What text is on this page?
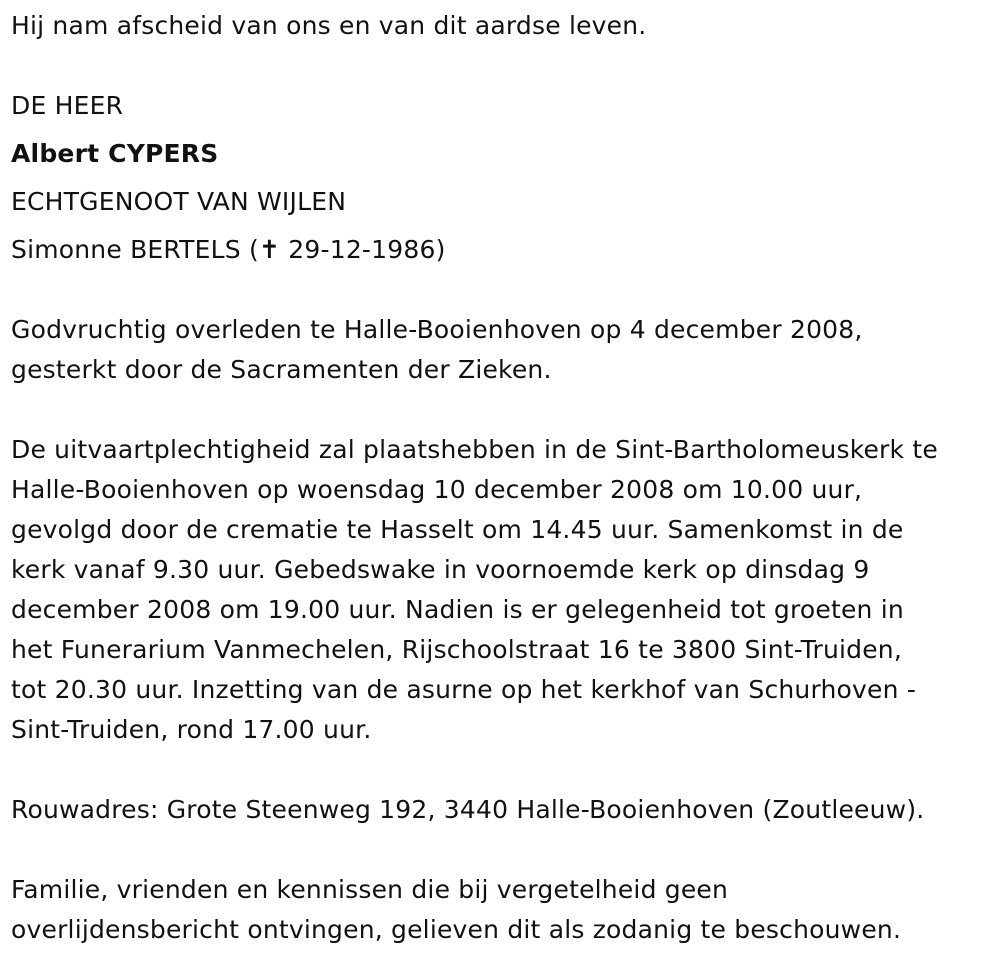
Hij nam afscheid van ons en van dit aardse leven.
DE HEER
Albert CYPERS
ECHTGENOOT VAN WIJLEN
Simonne BERTELS (✝ 29-12-1986)
Godvruchtig overleden te Halle-Booienhoven op 4 december 2008,
gesterkt door de Sacramenten der Zieken.
De uitvaartplechtigheid zal plaatshebben in de Sint-Bartholomeuskerk te
Halle-Booienhoven op woensdag 10 december 2008 om 10.00 uur,
gevolgd door de crematie te Hasselt om 14.45 uur. Samenkomst in de
kerk vanaf 9.30 uur. Gebedswake in voornoemde kerk op dinsdag 9
december 2008 om 19.00 uur. Nadien is er gelegenheid tot groeten in
het Funerarium Vanmechelen, Rijschoolstraat 16 te 3800 Sint-Truiden,
tot 20.30 uur. Inzetting van de asurne op het kerkhof van Schurhoven -
Sint-Truiden, rond 17.00 uur.
Rouwadres: Grote Steenweg 192, 3440 Halle-Booienhoven (Zoutleeuw).
Familie, vrienden en kennissen die bij vergetelheid geen
overlijdensbericht ontvingen, gelieven dit als zodanig te beschouwen.
